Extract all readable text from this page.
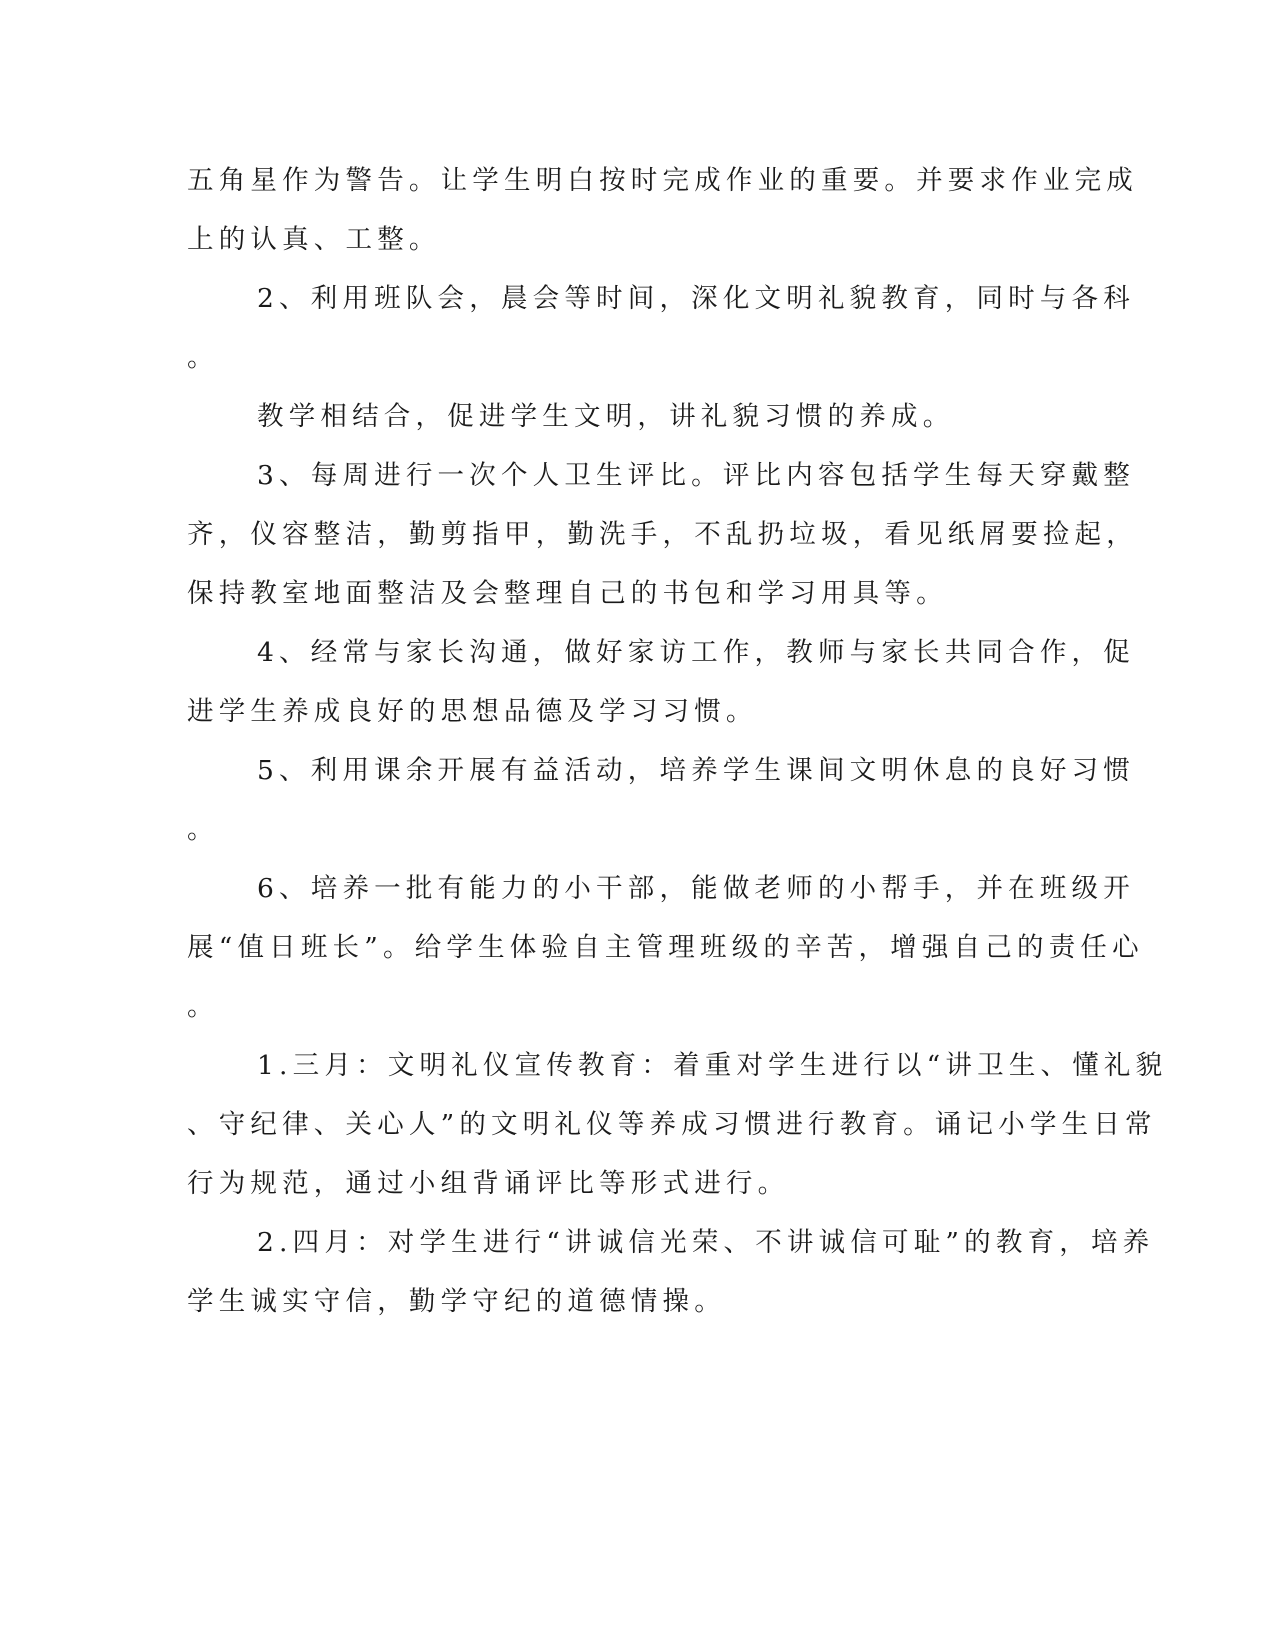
五角星作为警告。让学生明白按时完成作业的重要。并要求作业完成
上的认真、工整。
2、利用班队会，晨会等时间，深化文明礼貌教育，同时与各科
。
教学相结合，促进学生文明，讲礼貌习惯的养成。
3、每周进行一次个人卫生评比。评比内容包括学生每天穿戴整
齐，仪容整洁，勤剪指甲，勤洗手，不乱扔垃圾，看见纸屑要捡起，
保持教室地面整洁及会整理自己的书包和学习用具等。
4、经常与家长沟通，做好家访工作，教师与家长共同合作，促
进学生养成良好的思想品德及学习习惯。
5、利用课余开展有益活动，培养学生课间文明休息的良好习惯
。
6、培养一批有能力的小干部，能做老师的小帮手，并在班级开
展“值日班长”。给学生体验自主管理班级的辛苦，增强自己的责任心
。
1.三月：文明礼仪宣传教育：着重对学生进行以“讲卫生、懂礼貌
、守纪律、关心人”的文明礼仪等养成习惯进行教育。诵记小学生日常
行为规范，通过小组背诵评比等形式进行。
2.四月：对学生进行“讲诚信光荣、不讲诚信可耻”的教育，培养
学生诚实守信，勤学守纪的道德情操。
